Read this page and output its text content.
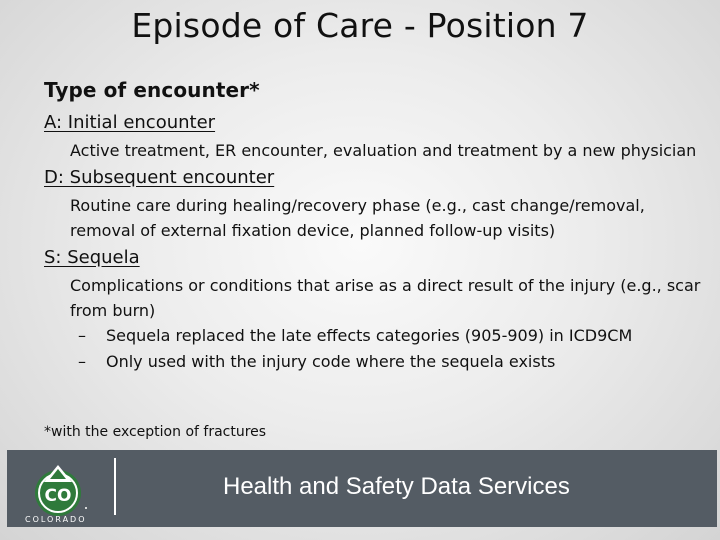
Episode of Care - Position 7
Type of encounter*
A: Initial encounter
Active treatment, ER encounter, evaluation and treatment by a new physician
D: Subsequent encounter
Routine care during healing/recovery phase (e.g., cast change/removal, removal of external fixation device, planned follow-up visits)
S: Sequela
Complications or conditions that arise as a direct result of the injury (e.g., scar from burn)
–	Sequela replaced the late effects categories (905-909) in ICD9CM
–	Only used with the injury code where the sequela exists
*with the exception of fractures
CO
COLORADO
Health and Safety Data Services
